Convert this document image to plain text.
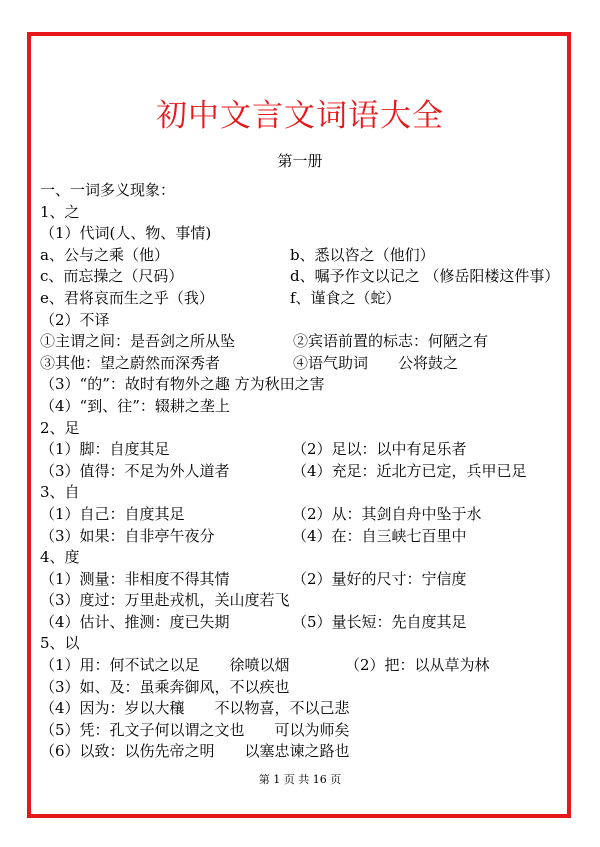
初中文言文词语大全
第一册
一、一词多义现象：
1、之
（1）代词(人、物、事情)
a、公与之乘（他）	b、悉以咨之（他们）
c、而忘操之（尺码）	d、嘱予作文以记之 （修岳阳楼这件事）
e、君将哀而生之乎（我）	f、谨食之（蛇）
（2）不译
①主谓之间：是吾剑之所从坠	②宾语前置的标志：何陋之有
③其他：望之蔚然而深秀者	④语气助词　　公将鼓之
（3）“的”：故时有物外之趣 方为秋田之害
（4）“到、往”：辍耕之垄上
2、足
（1）脚：自度其足	（2）足以：以中有足乐者
（3）值得：不足为外人道者	（4）充足：近北方已定，兵甲已足
3、自
（1）自己：自度其足	（2）从：其剑自舟中坠于水
（3）如果：自非亭午夜分	（4）在：自三峡七百里中
4、度
（1）测量：非相度不得其情	（2）量好的尺寸：宁信度
（3）度过：万里赴戎机，关山度若飞
（4）估计、推测：度已失期	（5）量长短：先自度其足
5、以
（1）用：何不试之以足　　徐喷以烟	（2）把：以从草为林
（3）如、及：虽乘奔御风，不以疾也
（4）因为：岁以大穰　　不以物喜，不以己悲
（5）凭：孔文子何以谓之文也　　可以为师矣
（6）以致：以伤先帝之明　　以塞忠谏之路也
第 1 页 共 16 页
